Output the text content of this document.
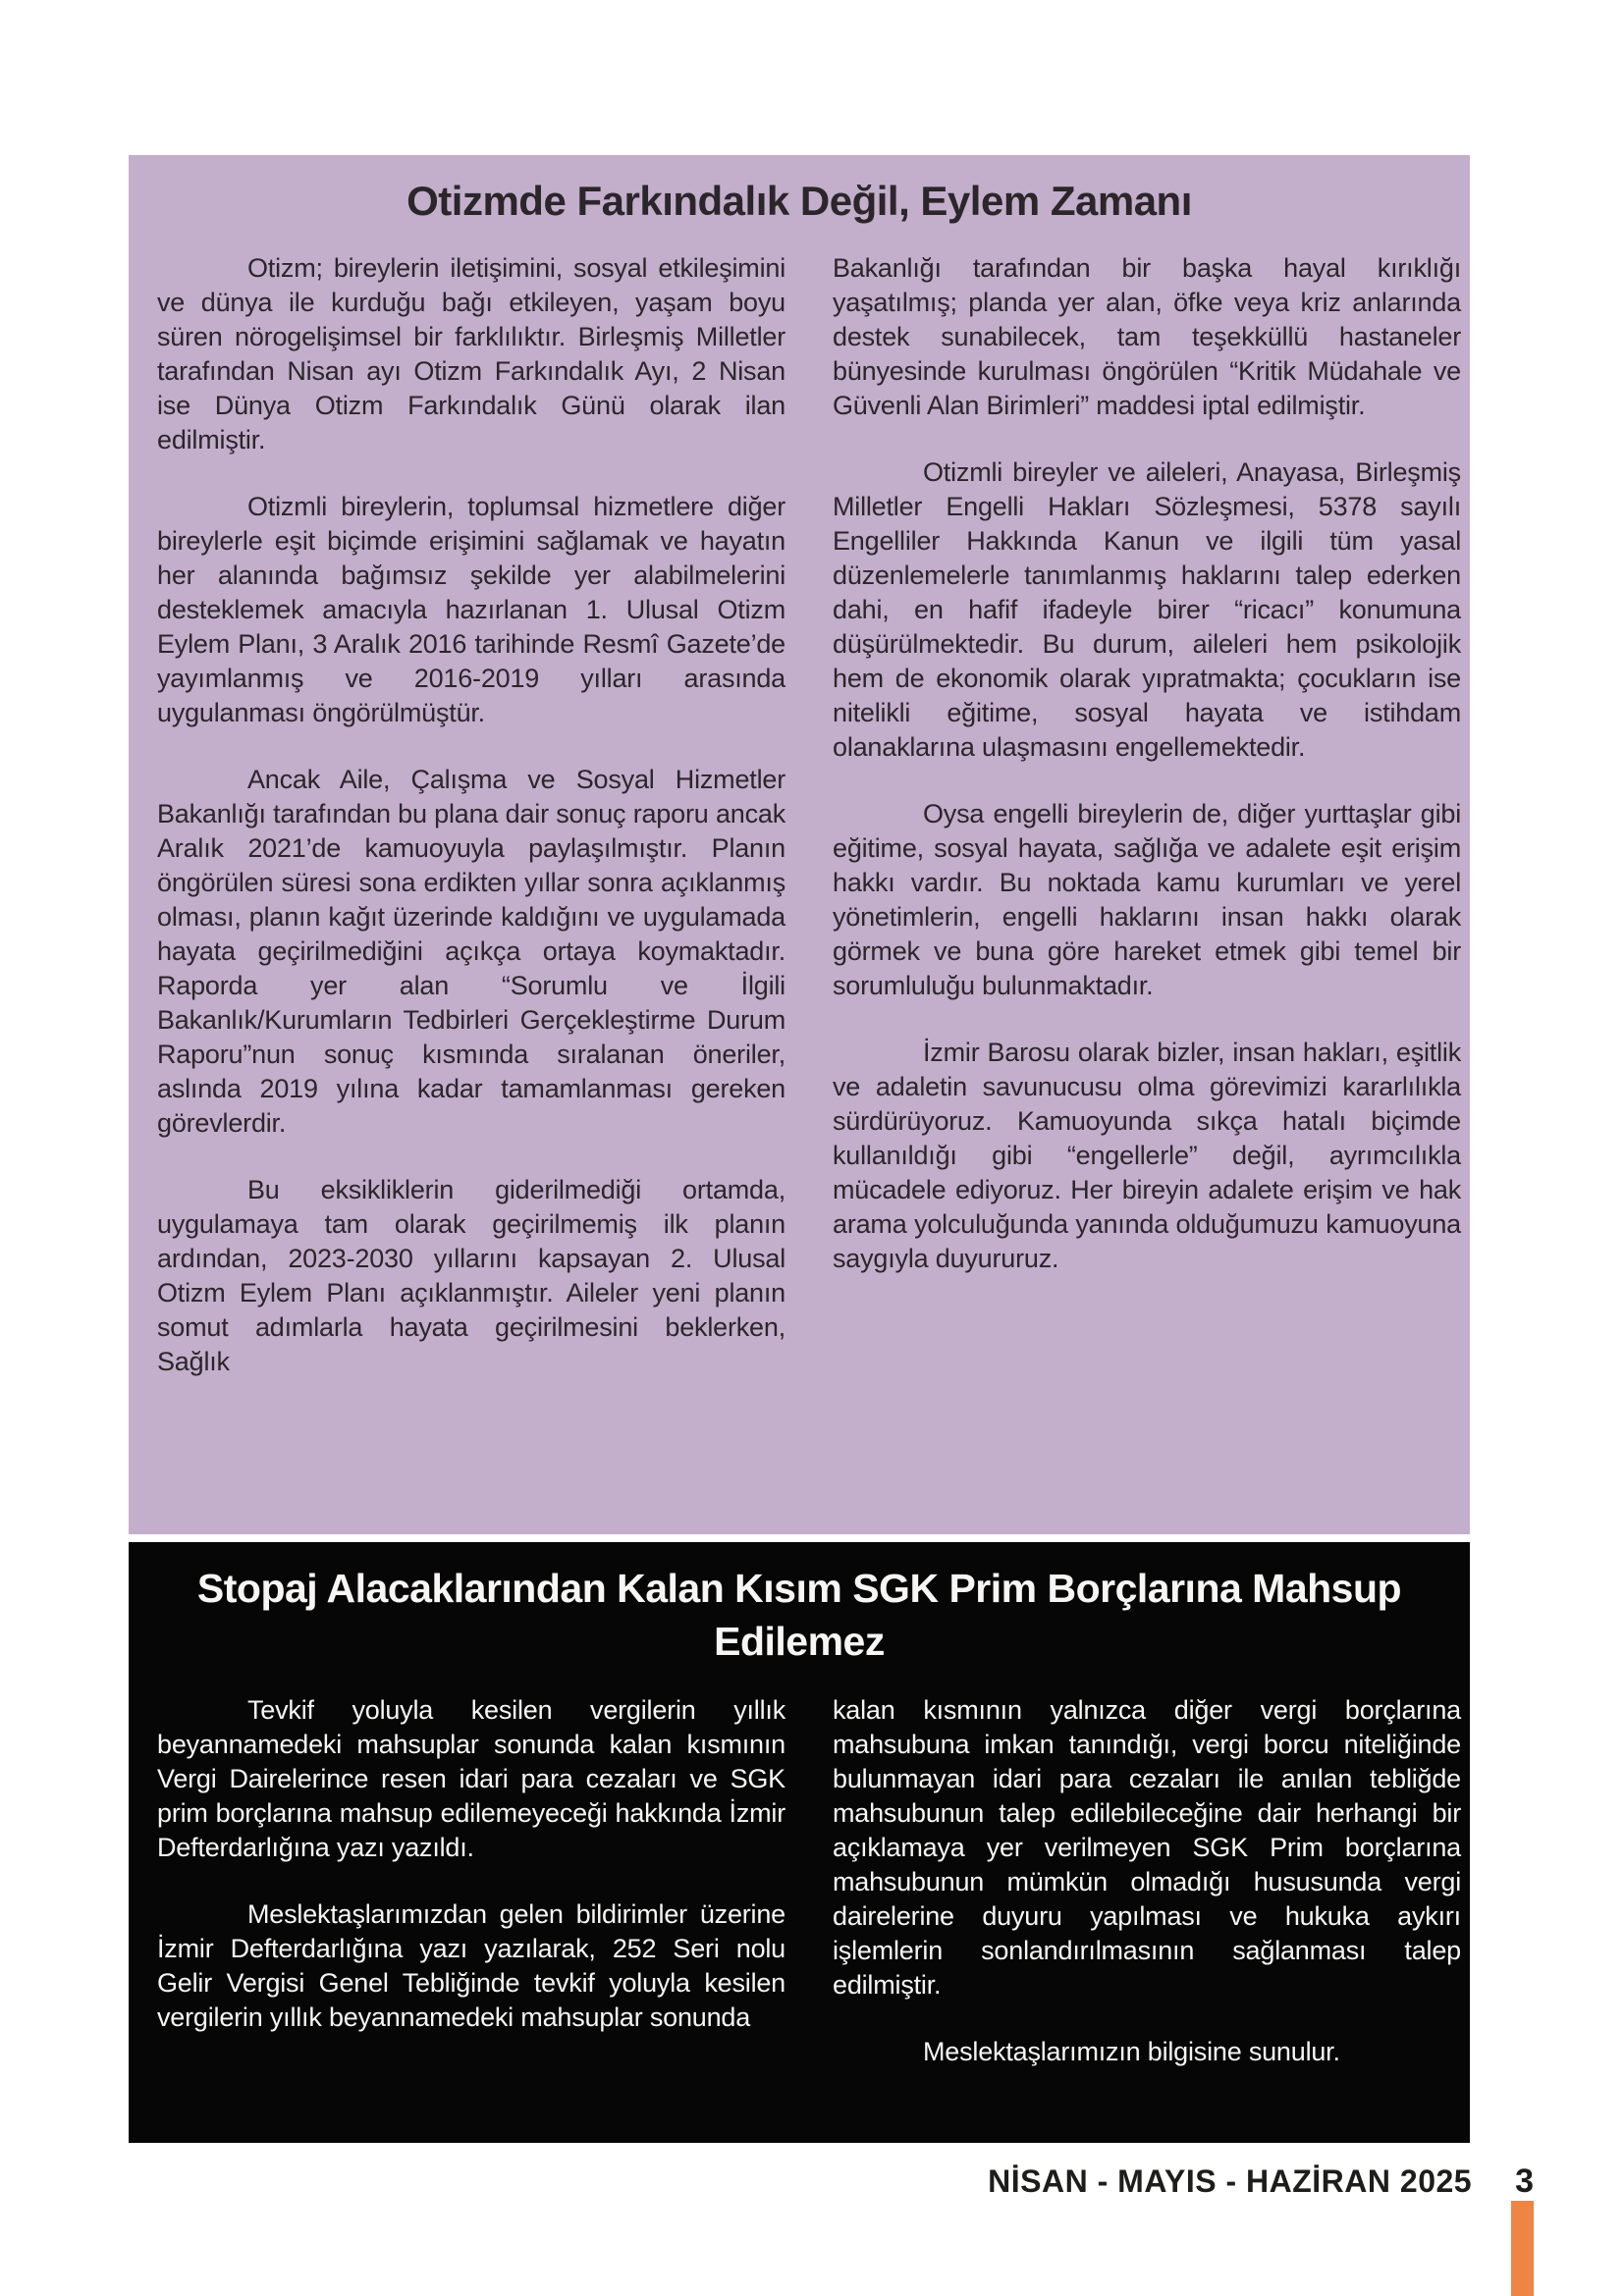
Otizmde Farkındalık Değil, Eylem Zamanı

Otizm; bireylerin iletişimini, sosyal etkileşimini ve dünya ile kurduğu bağı etkileyen, yaşam boyu süren nörogelişimsel bir farklılıktır. Birleşmiş Milletler tarafından Nisan ayı Otizm Farkındalık Ayı, 2 Nisan ise Dünya Otizm Farkındalık Günü olarak ilan edilmiştir.

Otizmli bireylerin, toplumsal hizmetlere diğer bireylerle eşit biçimde erişimini sağlamak ve hayatın her alanında bağımsız şekilde yer alabilmelerini desteklemek amacıyla hazırlanan 1. Ulusal Otizm Eylem Planı, 3 Aralık 2016 tarihinde Resmî Gazete’de yayımlanmış ve 2016-2019 yılları arasında uygulanması öngörülmüştür.

Ancak Aile, Çalışma ve Sosyal Hizmetler Bakanlığı tarafından bu plana dair sonuç raporu ancak Aralık 2021’de kamuoyuyla paylaşılmıştır. Planın öngörülen süresi sona erdikten yıllar sonra açıklanmış olması, planın kağıt üzerinde kaldığını ve uygulamada hayata geçirilmediğini açıkça ortaya koymaktadır. Raporda yer alan “Sorumlu ve İlgili Bakanlık/Kurumların Tedbirleri Gerçekleştirme Durum Raporu”nun sonuç kısmında sıralanan öneriler, aslında 2019 yılına kadar tamamlanması gereken görevlerdir.

Bu eksikliklerin giderilmediği ortamda, uygulamaya tam olarak geçirilmemiş ilk planın ardından, 2023-2030 yıllarını kapsayan 2. Ulusal Otizm Eylem Planı açıklanmıştır. Aileler yeni planın somut adımlarla hayata geçirilmesini beklerken, Sağlık

Bakanlığı tarafından bir başka hayal kırıklığı yaşatılmış; planda yer alan, öfke veya kriz anlarında destek sunabilecek, tam teşekküllü hastaneler bünyesinde kurulması öngörülen “Kritik Müdahale ve Güvenli Alan Birimleri” maddesi iptal edilmiştir.

Otizmli bireyler ve aileleri, Anayasa, Birleşmiş Milletler Engelli Hakları Sözleşmesi, 5378 sayılı Engelliler Hakkında Kanun ve ilgili tüm yasal düzenlemelerle tanımlanmış haklarını talep ederken dahi, en hafif ifadeyle birer “ricacı” konumuna düşürülmektedir. Bu durum, aileleri hem psikolojik hem de ekonomik olarak yıpratmakta; çocukların ise nitelikli eğitime, sosyal hayata ve istihdam olanaklarına ulaşmasını engellemektedir.

Oysa engelli bireylerin de, diğer yurttaşlar gibi eğitime, sosyal hayata, sağlığa ve adalete eşit erişim hakkı vardır. Bu noktada kamu kurumları ve yerel yönetimlerin, engelli haklarını insan hakkı olarak görmek ve buna göre hareket etmek gibi temel bir sorumluluğu bulunmaktadır.

İzmir Barosu olarak bizler, insan hakları, eşitlik ve adaletin savunucusu olma görevimizi kararlılıkla sürdürüyoruz. Kamuoyunda sıkça hatalı biçimde kullanıldığı gibi “engellerle” değil, ayrımcılıkla mücadele ediyoruz. Her bireyin adalete erişim ve hak arama yolculuğunda yanında olduğumuzu kamuoyuna saygıyla duyururuz.

Stopaj Alacaklarından Kalan Kısım SGK Prim Borçlarına Mahsup Edilemez

Tevkif yoluyla kesilen vergilerin yıllık beyannamedeki mahsuplar sonunda kalan kısmının Vergi Dairelerince resen idari para cezaları ve SGK prim borçlarına mahsup edilemeyeceği hakkında İzmir Defterdarlığına yazı yazıldı.

Meslektaşlarımızdan gelen bildirimler üzerine İzmir Defterdarlığına yazı yazılarak, 252 Seri nolu Gelir Vergisi Genel Tebliğinde tevkif yoluyla kesilen vergilerin yıllık beyannamedeki mahsuplar sonunda

kalan kısmının yalnızca diğer vergi borçlarına mahsubuna imkan tanındığı, vergi borcu niteliğinde bulunmayan idari para cezaları ile anılan tebliğde mahsubunun talep edilebileceğine dair herhangi bir açıklamaya yer verilmeyen SGK Prim borçlarına mahsubunun mümkün olmadığı hususunda vergi dairelerine duyuru yapılması ve hukuka aykırı işlemlerin sonlandırılmasının sağlanması talep edilmiştir.

Meslektaşlarımızın bilgisine sunulur.

NİSAN - MAYIS - HAZİRAN 2025 3
